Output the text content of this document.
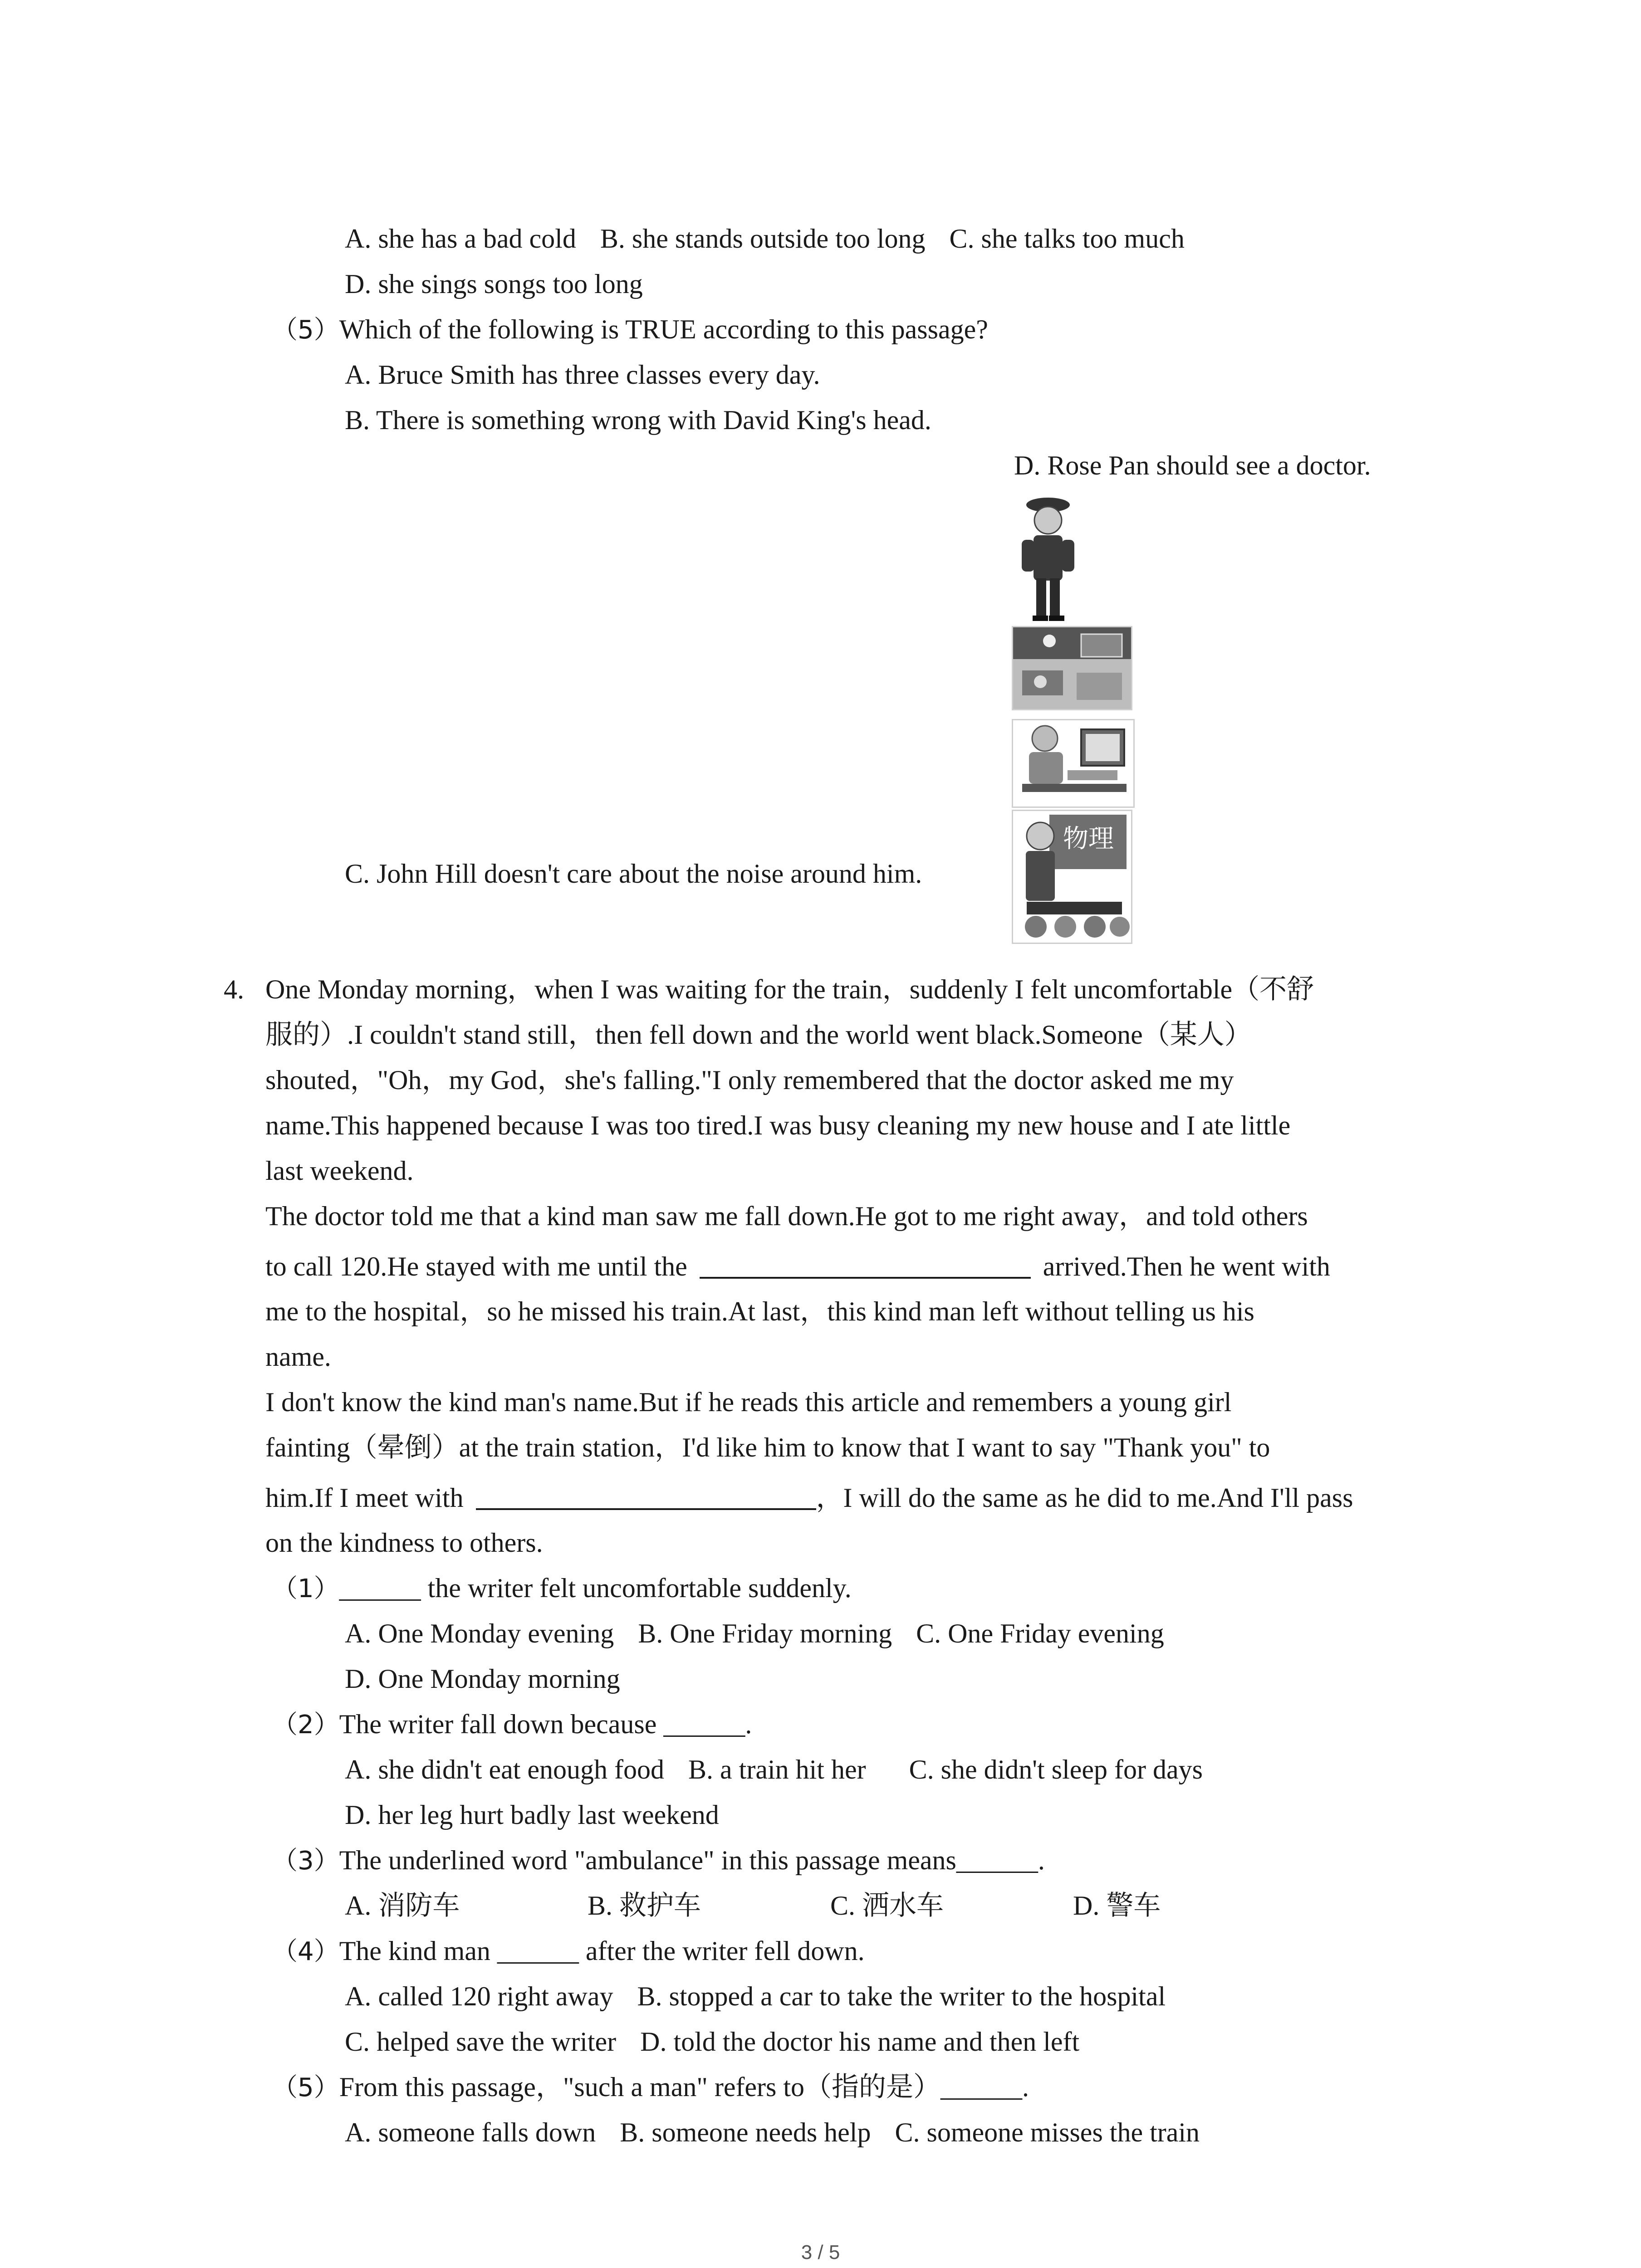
A. she has a bad cold B. she stands outside too long C. she talks too much
D. she sings songs too long
（5）Which of the following is TRUE according to this passage?
A. Bruce Smith has three classes every day.
B. There is something wrong with David King's head.
D. Rose Pan should see a doctor.
物理
C. John Hill doesn't care about the noise around him.
4. One Monday morning，when I was waiting for the train，suddenly I felt uncomfortable（不舒
服的）.I couldn't stand still，then fell down and the world went black.Someone（某人）
shouted，"Oh，my God，she's falling."I only remembered that the doctor asked me my
name.This happened because I was too tired.I was busy cleaning my new house and I ate little
last weekend.
The doctor told me that a kind man saw me fall down.He got to me right away，and told others
to call 120.He stayed with me until the	arrived.Then he went with
me to the hospital，so he missed his train.At last，this kind man left without telling us his
name.
I don't know the kind man's name.But if he reads this article and remembers a young girl
fainting（晕倒）at the train station，I'd like him to know that I want to say "Thank you" to
him.If I meet with	，I will do the same as he did to me.And I'll pass
on the kindness to others.
（1）______ the writer felt uncomfortable suddenly.
A. One Monday evening B. One Friday morning C. One Friday evening
D. One Monday morning
（2）The writer fall down because ______.
A. she didn't eat enough food B. a train hit her C. she didn't sleep for days
D. her leg hurt badly last weekend
（3）The underlined word "ambulance" in this passage means______.
A. 消防车	B. 救护车	C. 洒水车	D. 警车
（4）The kind man ______ after the writer fell down.
A. called 120 right away B. stopped a car to take the writer to the hospital
C. helped save the writer D. told the doctor his name and then left
（5）From this passage，"such a man" refers to（指的是）______.
A. someone falls down B. someone needs help C. someone misses the train
3 / 5
